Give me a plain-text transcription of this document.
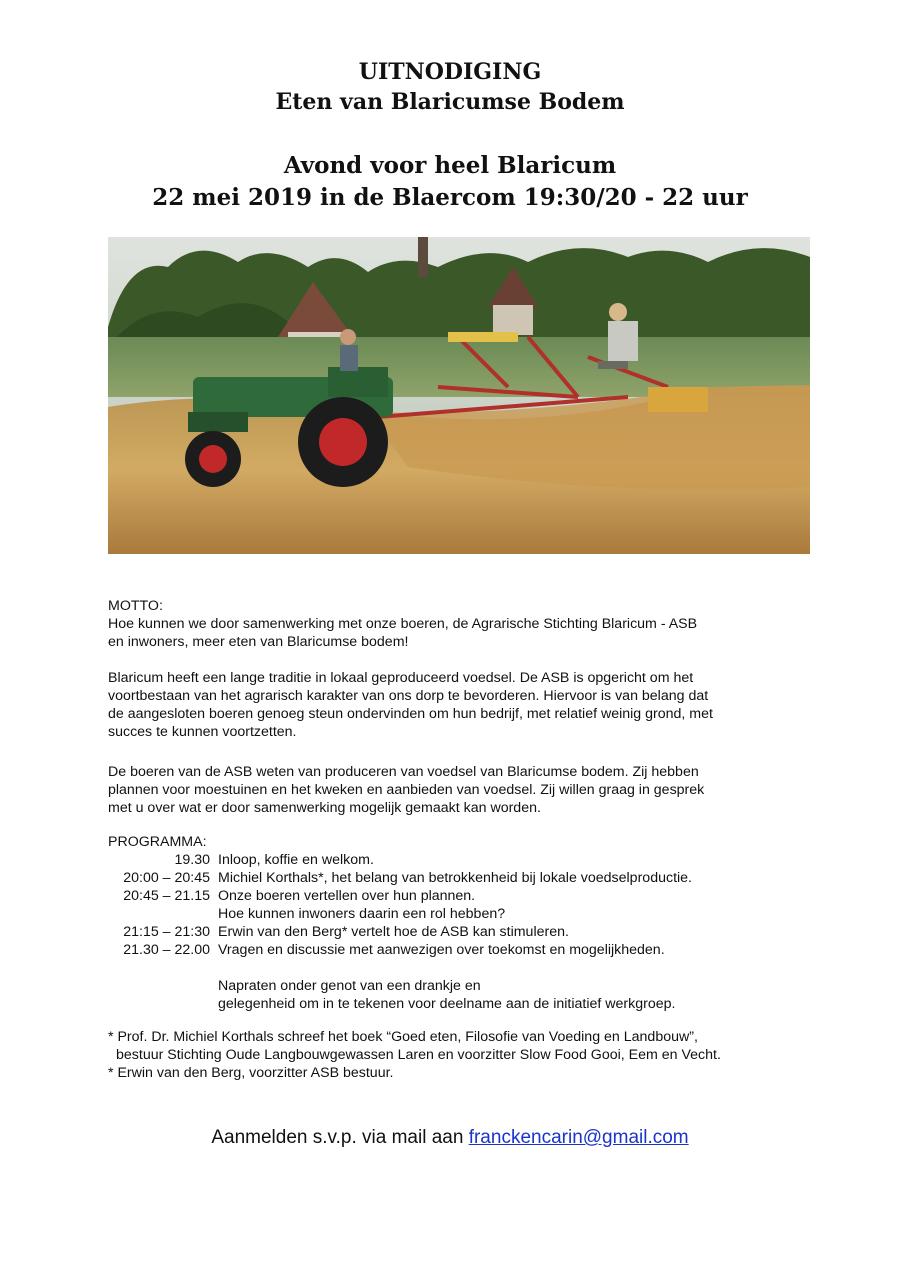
UITNODIGING
Eten van Blaricumse Bodem
Avond voor heel Blaricum
22 mei 2019 in de Blaercom 19:30/20 - 22 uur

MOTTO:

Hoe kunnen we door samenwerking met onze boeren, de Agrarische Stichting Blaricum - ASB

en inwoners, meer eten van Blaricumse bodem!

Blaricum heeft een lange traditie in lokaal geproduceerd voedsel. De ASB is opgericht om het

voortbestaan van het agrarisch karakter van ons dorp te bevorderen. Hiervoor is van belang dat

de aangesloten boeren genoeg steun ondervinden om hun bedrijf, met relatief weinig grond, met

succes te kunnen voortzetten.

De boeren van de ASB weten van produceren van voedsel van Blaricumse bodem. Zij hebben

plannen voor moestuinen en het kweken en aanbieden van voedsel. Zij willen graag in gesprek

met u over wat er door samenwerking mogelijk gemaakt kan worden.

PROGRAMMA:

19.30 Inloop, koffie en welkom.
20:00 – 20:45 Michiel Korthals*, het belang van betrokkenheid bij lokale voedselproductie.
20:45 – 21.15 Onze boeren vertellen over hun plannen.
Hoe kunnen inwoners daarin een rol hebben?
21:15 – 21:30 Erwin van den Berg* vertelt hoe de ASB kan stimuleren.
21.30 – 22.00 Vragen en discussie met aanwezigen over toekomst en mogelijkheden.
Napraten onder genot van een drankje en
gelegenheid om in te tekenen voor deelname aan de initiatief werkgroep.

* Prof. Dr. Michiel Korthals schreef het boek “Goed eten, Filosofie van Voeding en Landbouw”,

bestuur Stichting Oude Langbouwgewassen Laren en voorzitter Slow Food Gooi, Eem en Vecht.

* Erwin van den Berg, voorzitter ASB bestuur.

Aanmelden s.v.p. via mail aan franckencarin@gmail.com
